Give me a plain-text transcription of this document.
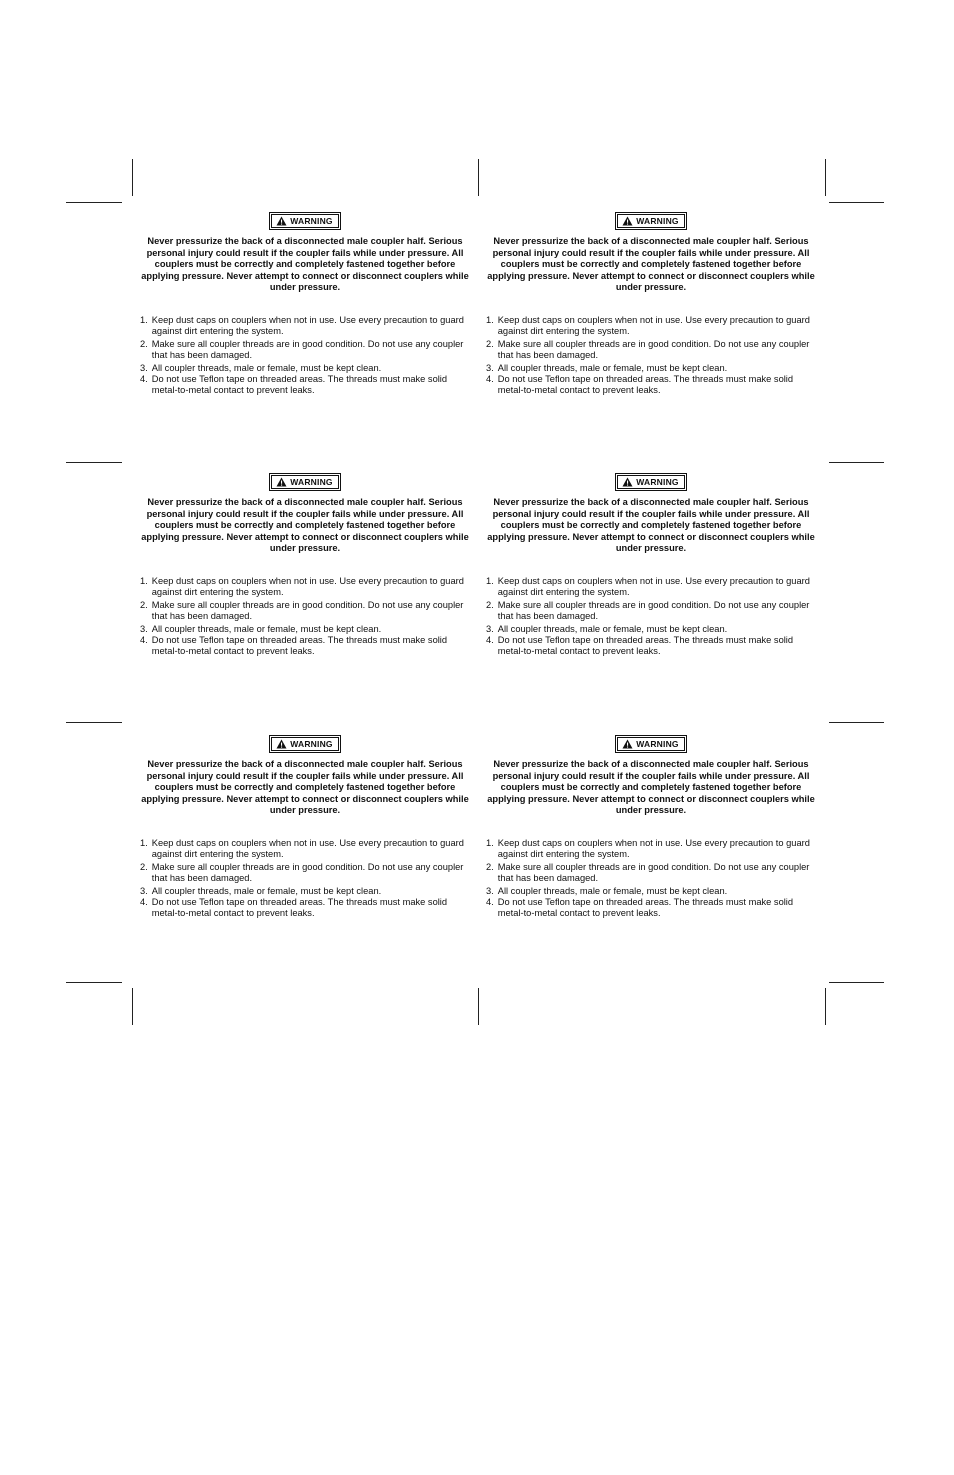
WARNING
Never pressurize the back of a disconnected male coupler half. Serious personal injury could result if the coupler fails while under pressure. All couplers must be correctly and completely fastened together before applying pressure. Never attempt to connect or disconnect couplers while under pressure.
1. Keep dust caps on couplers when not in use. Use every precaution to guard against dirt entering the system.
2. Make sure all coupler threads are in good condition. Do not use any coupler that has been damaged.
3. All coupler threads, male or female, must be kept clean.
4. Do not use Teflon tape on threaded areas. The threads must make solid metal-to-metal contact to prevent leaks.
WARNING
Never pressurize the back of a disconnected male coupler half. Serious personal injury could result if the coupler fails while under pressure. All couplers must be correctly and completely fastened together before applying pressure. Never attempt to connect or disconnect couplers while under pressure.
1. Keep dust caps on couplers when not in use. Use every precaution to guard against dirt entering the system.
2. Make sure all coupler threads are in good condition. Do not use any coupler that has been damaged.
3. All coupler threads, male or female, must be kept clean.
4. Do not use Teflon tape on threaded areas. The threads must make solid metal-to-metal contact to prevent leaks.
WARNING
Never pressurize the back of a disconnected male coupler half. Serious personal injury could result if the coupler fails while under pressure. All couplers must be correctly and completely fastened together before applying pressure. Never attempt to connect or disconnect couplers while under pressure.
1. Keep dust caps on couplers when not in use. Use every precaution to guard against dirt entering the system.
2. Make sure all coupler threads are in good condition. Do not use any coupler that has been damaged.
3. All coupler threads, male or female, must be kept clean.
4. Do not use Teflon tape on threaded areas. The threads must make solid metal-to-metal contact to prevent leaks.
WARNING
Never pressurize the back of a disconnected male coupler half. Serious personal injury could result if the coupler fails while under pressure. All couplers must be correctly and completely fastened together before applying pressure. Never attempt to connect or disconnect couplers while under pressure.
1. Keep dust caps on couplers when not in use. Use every precaution to guard against dirt entering the system.
2. Make sure all coupler threads are in good condition. Do not use any coupler that has been damaged.
3. All coupler threads, male or female, must be kept clean.
4. Do not use Teflon tape on threaded areas. The threads must make solid metal-to-metal contact to prevent leaks.
WARNING
Never pressurize the back of a disconnected male coupler half. Serious personal injury could result if the coupler fails while under pressure. All couplers must be correctly and completely fastened together before applying pressure. Never attempt to connect or disconnect couplers while under pressure.
1. Keep dust caps on couplers when not in use. Use every precaution to guard against dirt entering the system.
2. Make sure all coupler threads are in good condition. Do not use any coupler that has been damaged.
3. All coupler threads, male or female, must be kept clean.
4. Do not use Teflon tape on threaded areas. The threads must make solid metal-to-metal contact to prevent leaks.
WARNING
Never pressurize the back of a disconnected male coupler half. Serious personal injury could result if the coupler fails while under pressure. All couplers must be correctly and completely fastened together before applying pressure. Never attempt to connect or disconnect couplers while under pressure.
1. Keep dust caps on couplers when not in use. Use every precaution to guard against dirt entering the system.
2. Make sure all coupler threads are in good condition. Do not use any coupler that has been damaged.
3. All coupler threads, male or female, must be kept clean.
4. Do not use Teflon tape on threaded areas. The threads must make solid metal-to-metal contact to prevent leaks.
